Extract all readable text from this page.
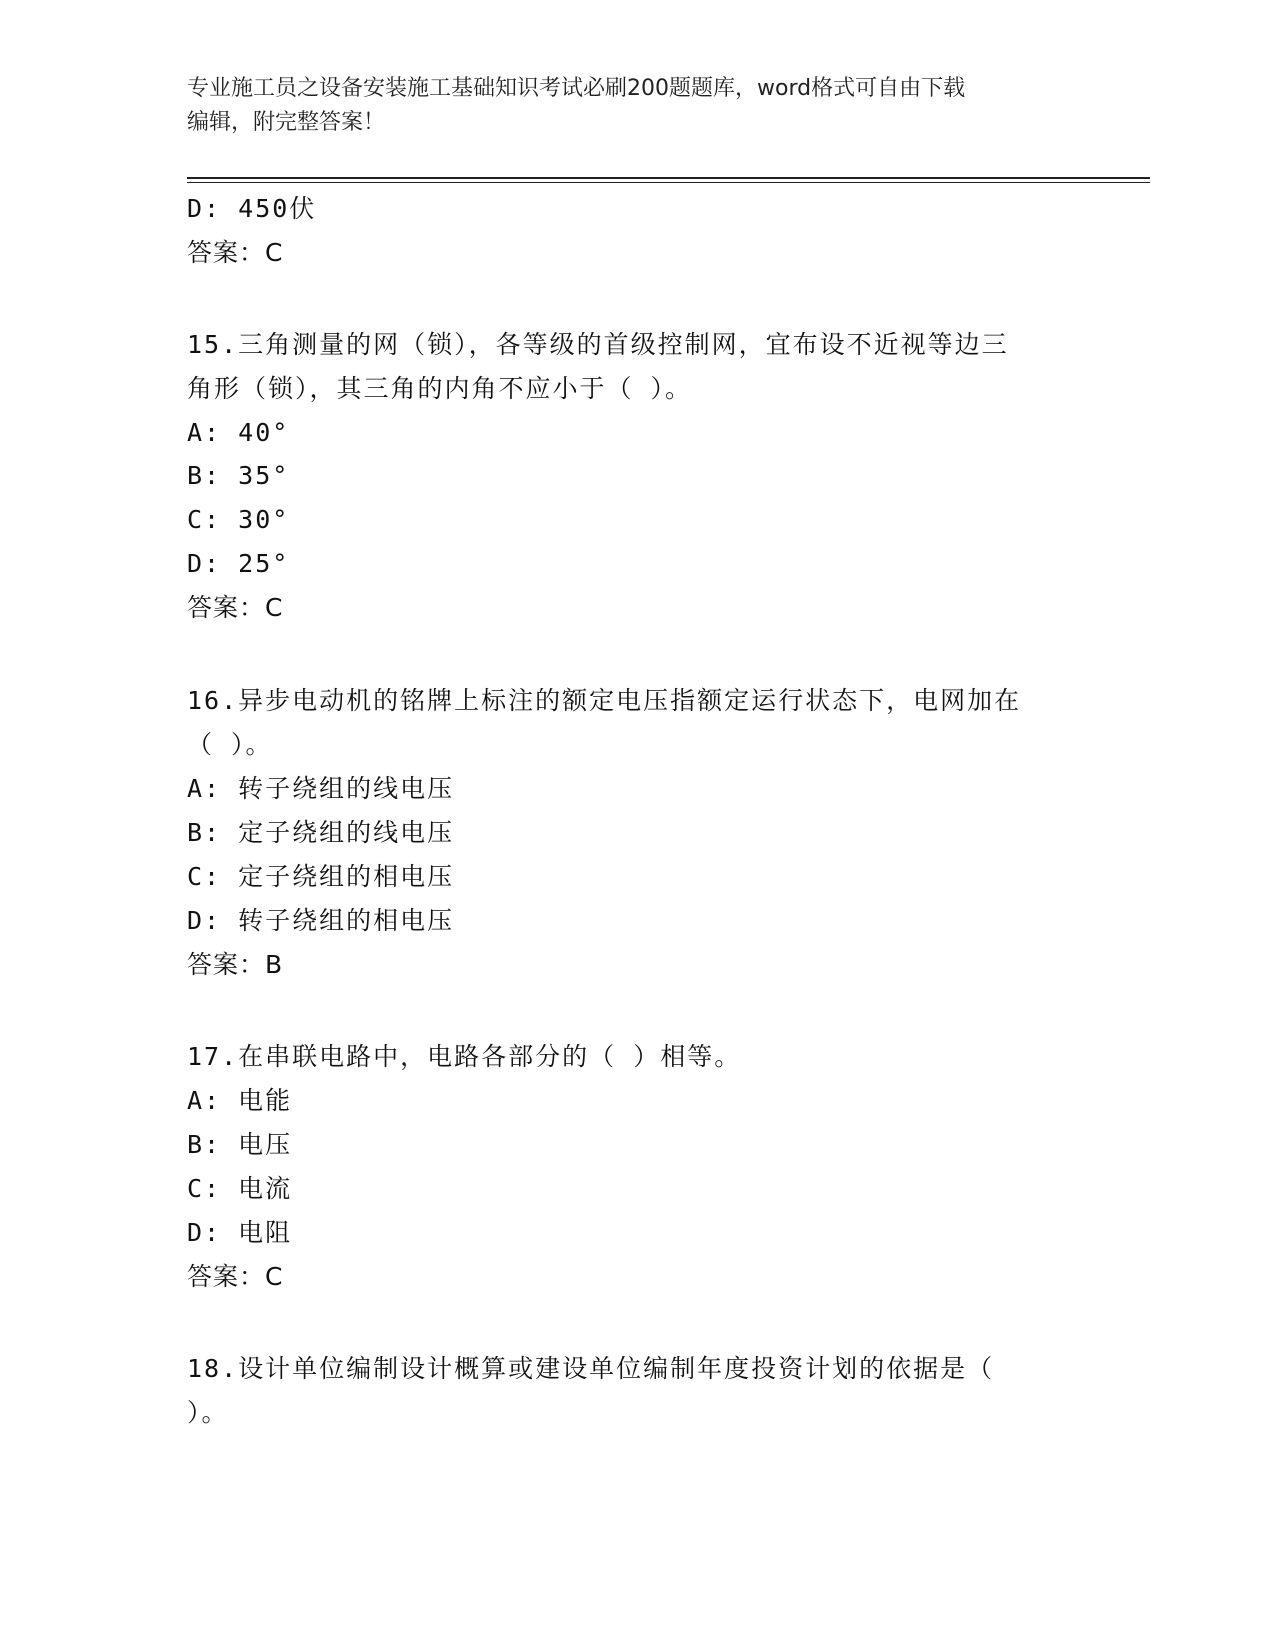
专业施工员之设备安装施工基础知识考试必刷200题题库，word格式可自由下载
编辑，附完整答案！
D: 450伏
答案：C
15.三角测量的网（锁），各等级的首级控制网，宜布设不近视等边三
角形（锁），其三角的内角不应小于（ ）。
A: 40°
B: 35°
C: 30°
D: 25°
答案：C
16.异步电动机的铭牌上标注的额定电压指额定运行状态下，电网加在
（ ）。
A: 转子绕组的线电压
B: 定子绕组的线电压
C: 定子绕组的相电压
D: 转子绕组的相电压
答案：B
17.在串联电路中，电路各部分的（ ）相等。
A: 电能
B: 电压
C: 电流
D: 电阻
答案：C
18.设计单位编制设计概算或建设单位编制年度投资计划的依据是（
）。
